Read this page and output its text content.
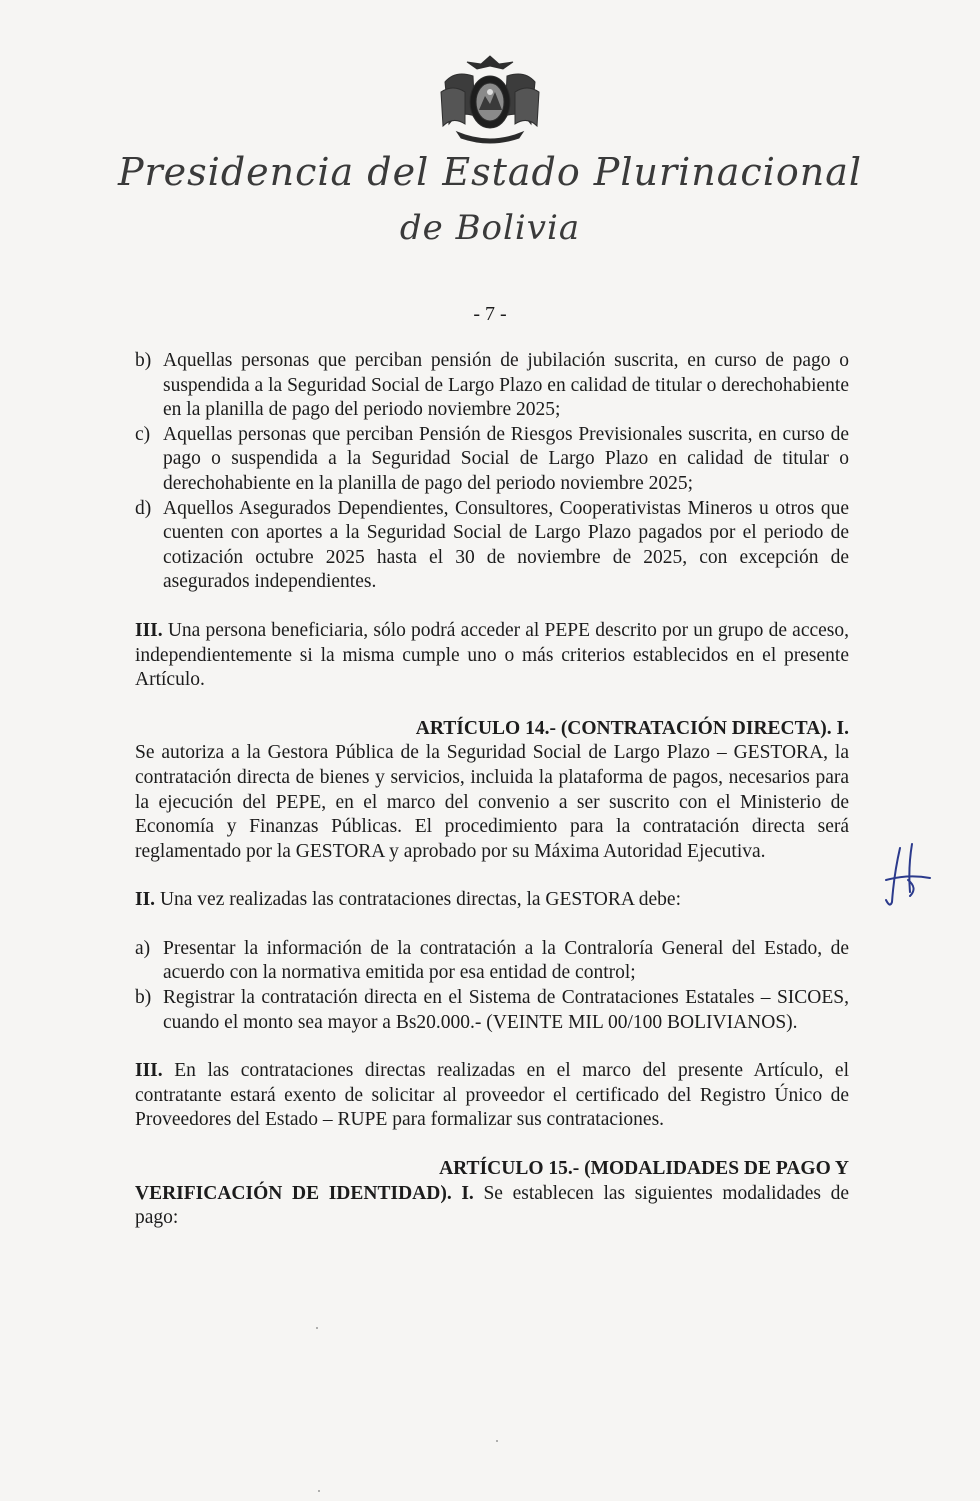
Presidencia del Estado Plurinacional
de Bolivia
- 7 -
b) Aquellas personas que perciban pensión de jubilación suscrita, en curso de pago o suspendida a la Seguridad Social de Largo Plazo en calidad de titular o derechohabiente en la planilla de pago del periodo noviembre 2025;
c) Aquellas personas que perciban Pensión de Riesgos Previsionales suscrita, en curso de pago o suspendida a la Seguridad Social de Largo Plazo en calidad de titular o derechohabiente en la planilla de pago del periodo noviembre 2025;
d) Aquellos Asegurados Dependientes, Consultores, Cooperativistas Mineros u otros que cuenten con aportes a la Seguridad Social de Largo Plazo pagados por el periodo de cotización octubre 2025 hasta el 30 de noviembre de 2025, con excepción de asegurados independientes.

III. Una persona beneficiaria, sólo podrá acceder al PEPE descrito por un grupo de acceso, independientemente si la misma cumple uno o más criterios establecidos en el presente Artículo.

ARTÍCULO 14.- (CONTRATACIÓN DIRECTA). I.

Se autoriza a la Gestora Pública de la Seguridad Social de Largo Plazo – GESTORA, la contratación directa de bienes y servicios, incluida la plataforma de pagos, necesarios para la ejecución del PEPE, en el marco del convenio a ser suscrito con el Ministerio de Economía y Finanzas Públicas. El procedimiento para la contratación directa será reglamentado por la GESTORA y aprobado por su Máxima Autoridad Ejecutiva.

II. Una vez realizadas las contrataciones directas, la GESTORA debe:

a) Presentar la información de la contratación a la Contraloría General del Estado, de acuerdo con la normativa emitida por esa entidad de control;
b) Registrar la contratación directa en el Sistema de Contrataciones Estatales – SICOES, cuando el monto sea mayor a Bs20.000.- (VEINTE MIL 00/100 BOLIVIANOS).

III. En las contrataciones directas realizadas en el marco del presente Artículo, el contratante estará exento de solicitar al proveedor el certificado del Registro Único de Proveedores del Estado – RUPE para formalizar sus contrataciones.

ARTÍCULO 15.- (MODALIDADES DE PAGO Y

VERIFICACIÓN DE IDENTIDAD). I. Se establecen las siguientes modalidades de pago:
